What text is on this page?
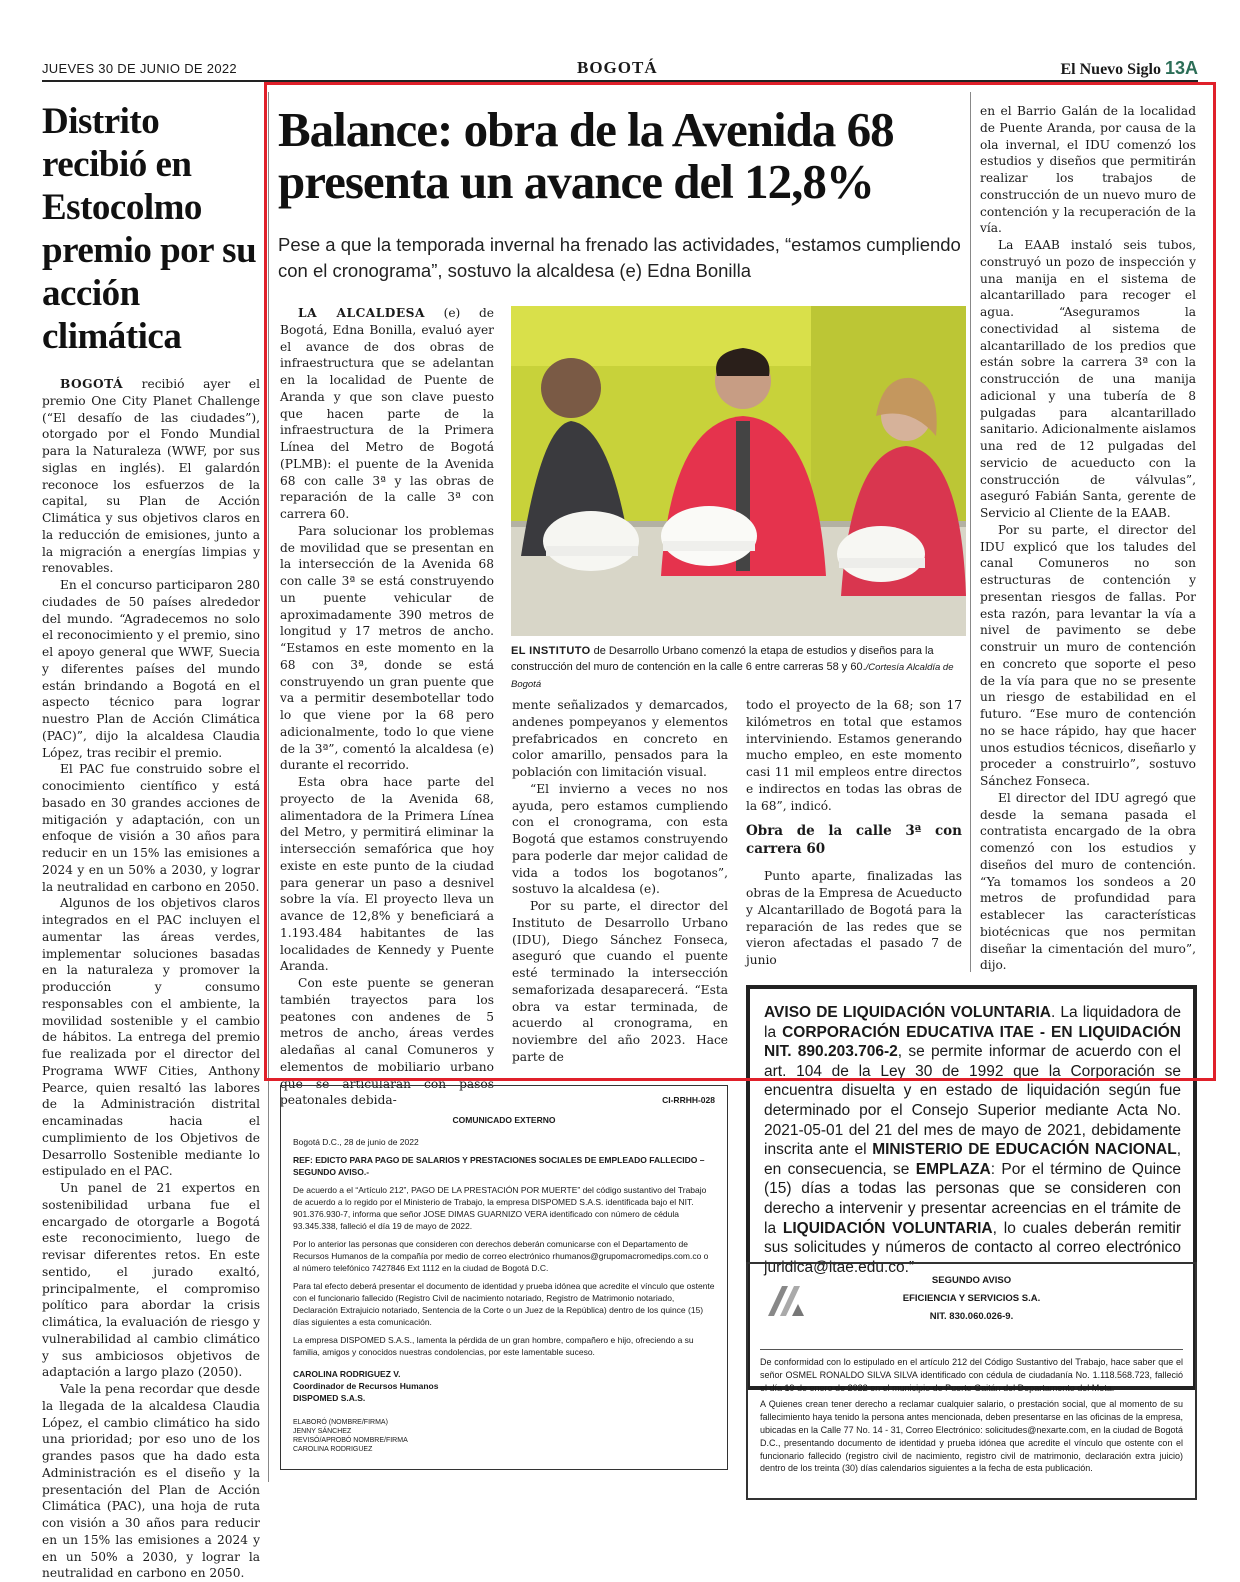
JUEVES 30 DE JUNIO DE 2022	BOGOTÁ	El Nuevo Siglo 13A
Distrito recibió en Estocolmo premio por su acción climática

BOGOTÁ recibió ayer el premio One City Planet Challenge (“El desafío de las ciudades”), otorgado por el Fondo Mundial para la Naturaleza (WWF, por sus siglas en inglés). El galardón reconoce los esfuerzos de la capital, su Plan de Acción Climática y sus objetivos claros en la reducción de emisiones, junto a la migración a energías limpias y renovables.

En el concurso participaron 280 ciudades de 50 países alrededor del mundo. “Agradecemos no solo el reconocimiento y el premio, sino el apoyo general que WWF, Suecia y diferentes países del mundo están brindando a Bogotá en el aspecto técnico para lograr nuestro Plan de Acción Climática (PAC)”, dijo la alcaldesa Claudia López, tras recibir el premio.

El PAC fue construido sobre el conocimiento científico y está basado en 30 grandes acciones de mitigación y adaptación, con un enfoque de visión a 30 años para reducir en un 15% las emisiones a 2024 y en un 50% a 2030, y lograr la neutralidad en carbono en 2050.

Algunos de los objetivos claros integrados en el PAC incluyen el aumentar las áreas verdes, implementar soluciones basadas en la naturaleza y promover la producción y consumo responsables con el ambiente, la movilidad sostenible y el cambio de hábitos. La entrega del premio fue realizada por el director del Programa WWF Cities, Anthony Pearce, quien resaltó las labores de la Administración distrital encaminadas hacia el cumplimiento de los Objetivos de Desarrollo Sostenible mediante lo estipulado en el PAC.

Un panel de 21 expertos en sostenibilidad urbana fue el encargado de otorgarle a Bogotá este reconocimiento, luego de revisar diferentes retos. En este sentido, el jurado exaltó, principalmente, el compromiso político para abordar la crisis climática, la evaluación de riesgo y vulnerabilidad al cambio climático y sus ambiciosos objetivos de adaptación a largo plazo (2050).

Vale la pena recordar que desde la llegada de la alcaldesa Claudia López, el cambio climático ha sido una prioridad; por eso uno de los grandes pasos que ha dado esta Administración es el diseño y la presentación del Plan de Acción Climática (PAC), una hoja de ruta con visión a 30 años para reducir en un 15% las emisiones a 2024 y en un 50% a 2030, y lograr la neutralidad en carbono en 2050.

Balance: obra de la Avenida 68 presenta un avance del 12,8%
Pese a que la temporada invernal ha frenado las actividades, “estamos cumpliendo con el cronograma”, sostuvo la alcaldesa (e) Edna Bonilla

LA ALCALDESA (e) de Bogotá, Edna Bonilla, evaluó ayer el avance de dos obras de infraestructura que se adelantan en la localidad de Puente de Aranda y que son clave puesto que hacen parte de la infraestructura de la Primera Línea del Metro de Bogotá (PLMB): el puente de la Avenida 68 con calle 3ª y las obras de reparación de la calle 3ª con carrera 60.

Para solucionar los problemas de movilidad que se presentan en la intersección de la Avenida 68 con calle 3ª se está construyendo un puente vehicular de aproximadamente 390 metros de longitud y 17 metros de ancho. “Estamos en este momento en la 68 con 3ª, donde se está construyendo un gran puente que va a permitir desembotellar todo lo que viene por la 68 pero adicionalmente, todo lo que viene de la 3ª”, comentó la alcaldesa (e) durante el recorrido.

Esta obra hace parte del proyecto de la Avenida 68, alimentadora de la Primera Línea del Metro, y permitirá eliminar la intersección semafórica que hoy existe en este punto de la ciudad para generar un paso a desnivel sobre la vía. El proyecto lleva un avance de 12,8% y beneficiará a 1.193.484 habitantes de las localidades de Kennedy y Puente Aranda.

Con este puente se generan también trayectos para los peatones con andenes de 5 metros de ancho, áreas verdes aledañas al canal Comuneros y elementos de mobiliario urbano que se articularán con pasos peatonales debida-

EL INSTITUTO de Desarrollo Urbano comenzó la etapa de estudios y diseños para la construcción del muro de contención en la calle 6 entre carreras 58 y 60./Cortesía Alcaldía de Bogotá

mente señalizados y demarcados, andenes pompeyanos y elementos prefabricados en concreto en color amarillo, pensados para la población con limitación visual.

“El invierno a veces no nos ayuda, pero estamos cumpliendo con el cronograma, con esta Bogotá que estamos construyendo para poderle dar mejor calidad de vida a todos los bogotanos”, sostuvo la alcaldesa (e).

Por su parte, el director del Instituto de Desarrollo Urbano (IDU), Diego Sánchez Fonseca, aseguró que cuando el puente esté terminado la intersección semaforizada desaparecerá. “Esta obra va estar terminada, de acuerdo al cronograma, en noviembre del año 2023. Hace parte de

todo el proyecto de la 68; son 17 kilómetros en total que estamos interviniendo. Estamos generando mucho empleo, en este momento casi 11 mil empleos entre directos e indirectos en todas las obras de la 68”, indicó.

Obra de la calle 3ª con carrera 60

Punto aparte, finalizadas las obras de la Empresa de Acueducto y Alcantarillado de Bogotá para la reparación de las redes que se vieron afectadas el pasado 7 de junio

en el Barrio Galán de la localidad de Puente Aranda, por causa de la ola invernal, el IDU comenzó los estudios y diseños que permitirán realizar los trabajos de construcción de un nuevo muro de contención y la recuperación de la vía.

La EAAB instaló seis tubos, construyó un pozo de inspección y una manija en el sistema de alcantarillado para recoger el agua. “Aseguramos la conectividad al sistema de alcantarillado de los predios que están sobre la carrera 3ª con la construcción de una manija adicional y una tubería de 8 pulgadas para alcantarillado sanitario. Adicionalmente aislamos una red de 12 pulgadas del servicio de acueducto con la construcción de válvulas”, aseguró Fabián Santa, gerente de Servicio al Cliente de la EAAB.

Por su parte, el director del IDU explicó que los taludes del canal Comuneros no son estructuras de contención y presentan riesgos de fallas. Por esta razón, para levantar la vía a nivel de pavimento se debe construir un muro de contención en concreto que soporte el peso de la vía para que no se presente un riesgo de estabilidad en el futuro. “Ese muro de contención no se hace rápido, hay que hacer unos estudios técnicos, diseñarlo y proceder a construirlo”, sostuvo Sánchez Fonseca.

El director del IDU agregó que desde la semana pasada el contratista encargado de la obra comenzó con los estudios y diseños del muro de contención. “Ya tomamos los sondeos a 20 metros de profundidad para establecer las características biotécnicas que nos permitan diseñar la cimentación del muro”, dijo.

AVISO DE LIQUIDACIÓN VOLUNTARIA. La liquidadora de la CORPORACIÓN EDUCATIVA ITAE - EN LIQUIDACIÓN NIT. 890.203.706-2, se permite informar de acuerdo con el art. 104 de la Ley 30 de 1992 que la Corporación se encuentra disuelta y en estado de liquidación según fue determinado por el Consejo Superior mediante Acta No. 2021-05-01 del 21 del mes de mayo de 2021, debidamente inscrita ante el MINISTERIO DE EDUCACIÓN NACIONAL, en consecuencia, se EMPLAZA: Por el término de Quince (15) días a todas las personas que se consideren con derecho a intervenir y presentar acreencias en el trámite de la LIQUIDACIÓN VOLUNTARIA, lo cuales deberán remitir sus solicitudes y números de contacto al correo electrónico juridica@itae.edu.co.”
CI-RRHH-028
COMUNICADO EXTERNO

Bogotá D.C., 28 de junio de 2022

REF: EDICTO PARA PAGO DE SALARIOS Y PRESTACIONES SOCIALES DE EMPLEADO FALLECIDO – SEGUNDO AVISO.-

De acuerdo a el “Artículo 212”, PAGO DE LA PRESTACIÓN POR MUERTE” del código sustantivo del Trabajo de acuerdo a lo regido por el Ministerio de Trabajo, la empresa DISPOMED S.A.S. identificada bajo el NIT. 901.376.930-7, informa que señor JOSE DIMAS GUARNIZO VERA identificado con número de cédula 93.345.338, falleció el día 19 de mayo de 2022.

Por lo anterior las personas que consideren con derechos deberán comunicarse con el Departamento de Recursos Humanos de la compañía por medio de correo electrónico rhumanos@grupomacromedips.com.co o al número telefónico 7427846 Ext 1112 en la ciudad de Bogotá D.C.

Para tal efecto deberá presentar el documento de identidad y prueba idónea que acredite el vínculo que ostente con el funcionario fallecido (Registro Civil de nacimiento notariado, Registro de Matrimonio notariado, Declaración Extrajuicio notariado, Sentencia de la Corte o un Juez de la República) dentro de los quince (15) días siguientes a esta comunicación.

La empresa DISPOMED S.A.S., lamenta la pérdida de un gran hombre, compañero e hijo, ofreciendo a su familia, amigos y conocidos nuestras condolencias, por este lamentable suceso.

CAROLINA RODRIGUEZ V.
Coordinador de Recursos Humanos
DISPOMED S.A.S.
ELABORÓ (NOMBRE/FIRMA)
JENNY SÁNCHEZ
REVISÓ/APROBÓ NOMBRE/FIRMA
CAROLINA RODRIGUEZ
SEGUNDO AVISO
EFICIENCIA Y SERVICIOS S.A.
NIT. 830.060.026-9.

De conformidad con lo estipulado en el artículo 212 del Código Sustantivo del Trabajo, hace saber que el señor OSMEL RONALDO SILVA SILVA identificado con cédula de ciudadanía No. 1.118.568.723, falleció el día 19 de enero de 2022 en el municipio de Puerto Gaitán del Departamento del Meta.

A Quienes crean tener derecho a reclamar cualquier salario, o prestación social, que al momento de su fallecimiento haya tenido la persona antes mencionada, deben presentarse en las oficinas de la empresa, ubicadas en la Calle 77 No. 14 - 31, Correo Electrónico: solicitudes@nexarte.com, en la ciudad de Bogotá D.C., presentando documento de identidad y prueba idónea que acredite el vínculo que ostente con el funcionario fallecido (registro civil de nacimiento, registro civil de matrimonio, declaración extra juicio) dentro de los treinta (30) días calendarios siguientes a la fecha de esta publicación.
